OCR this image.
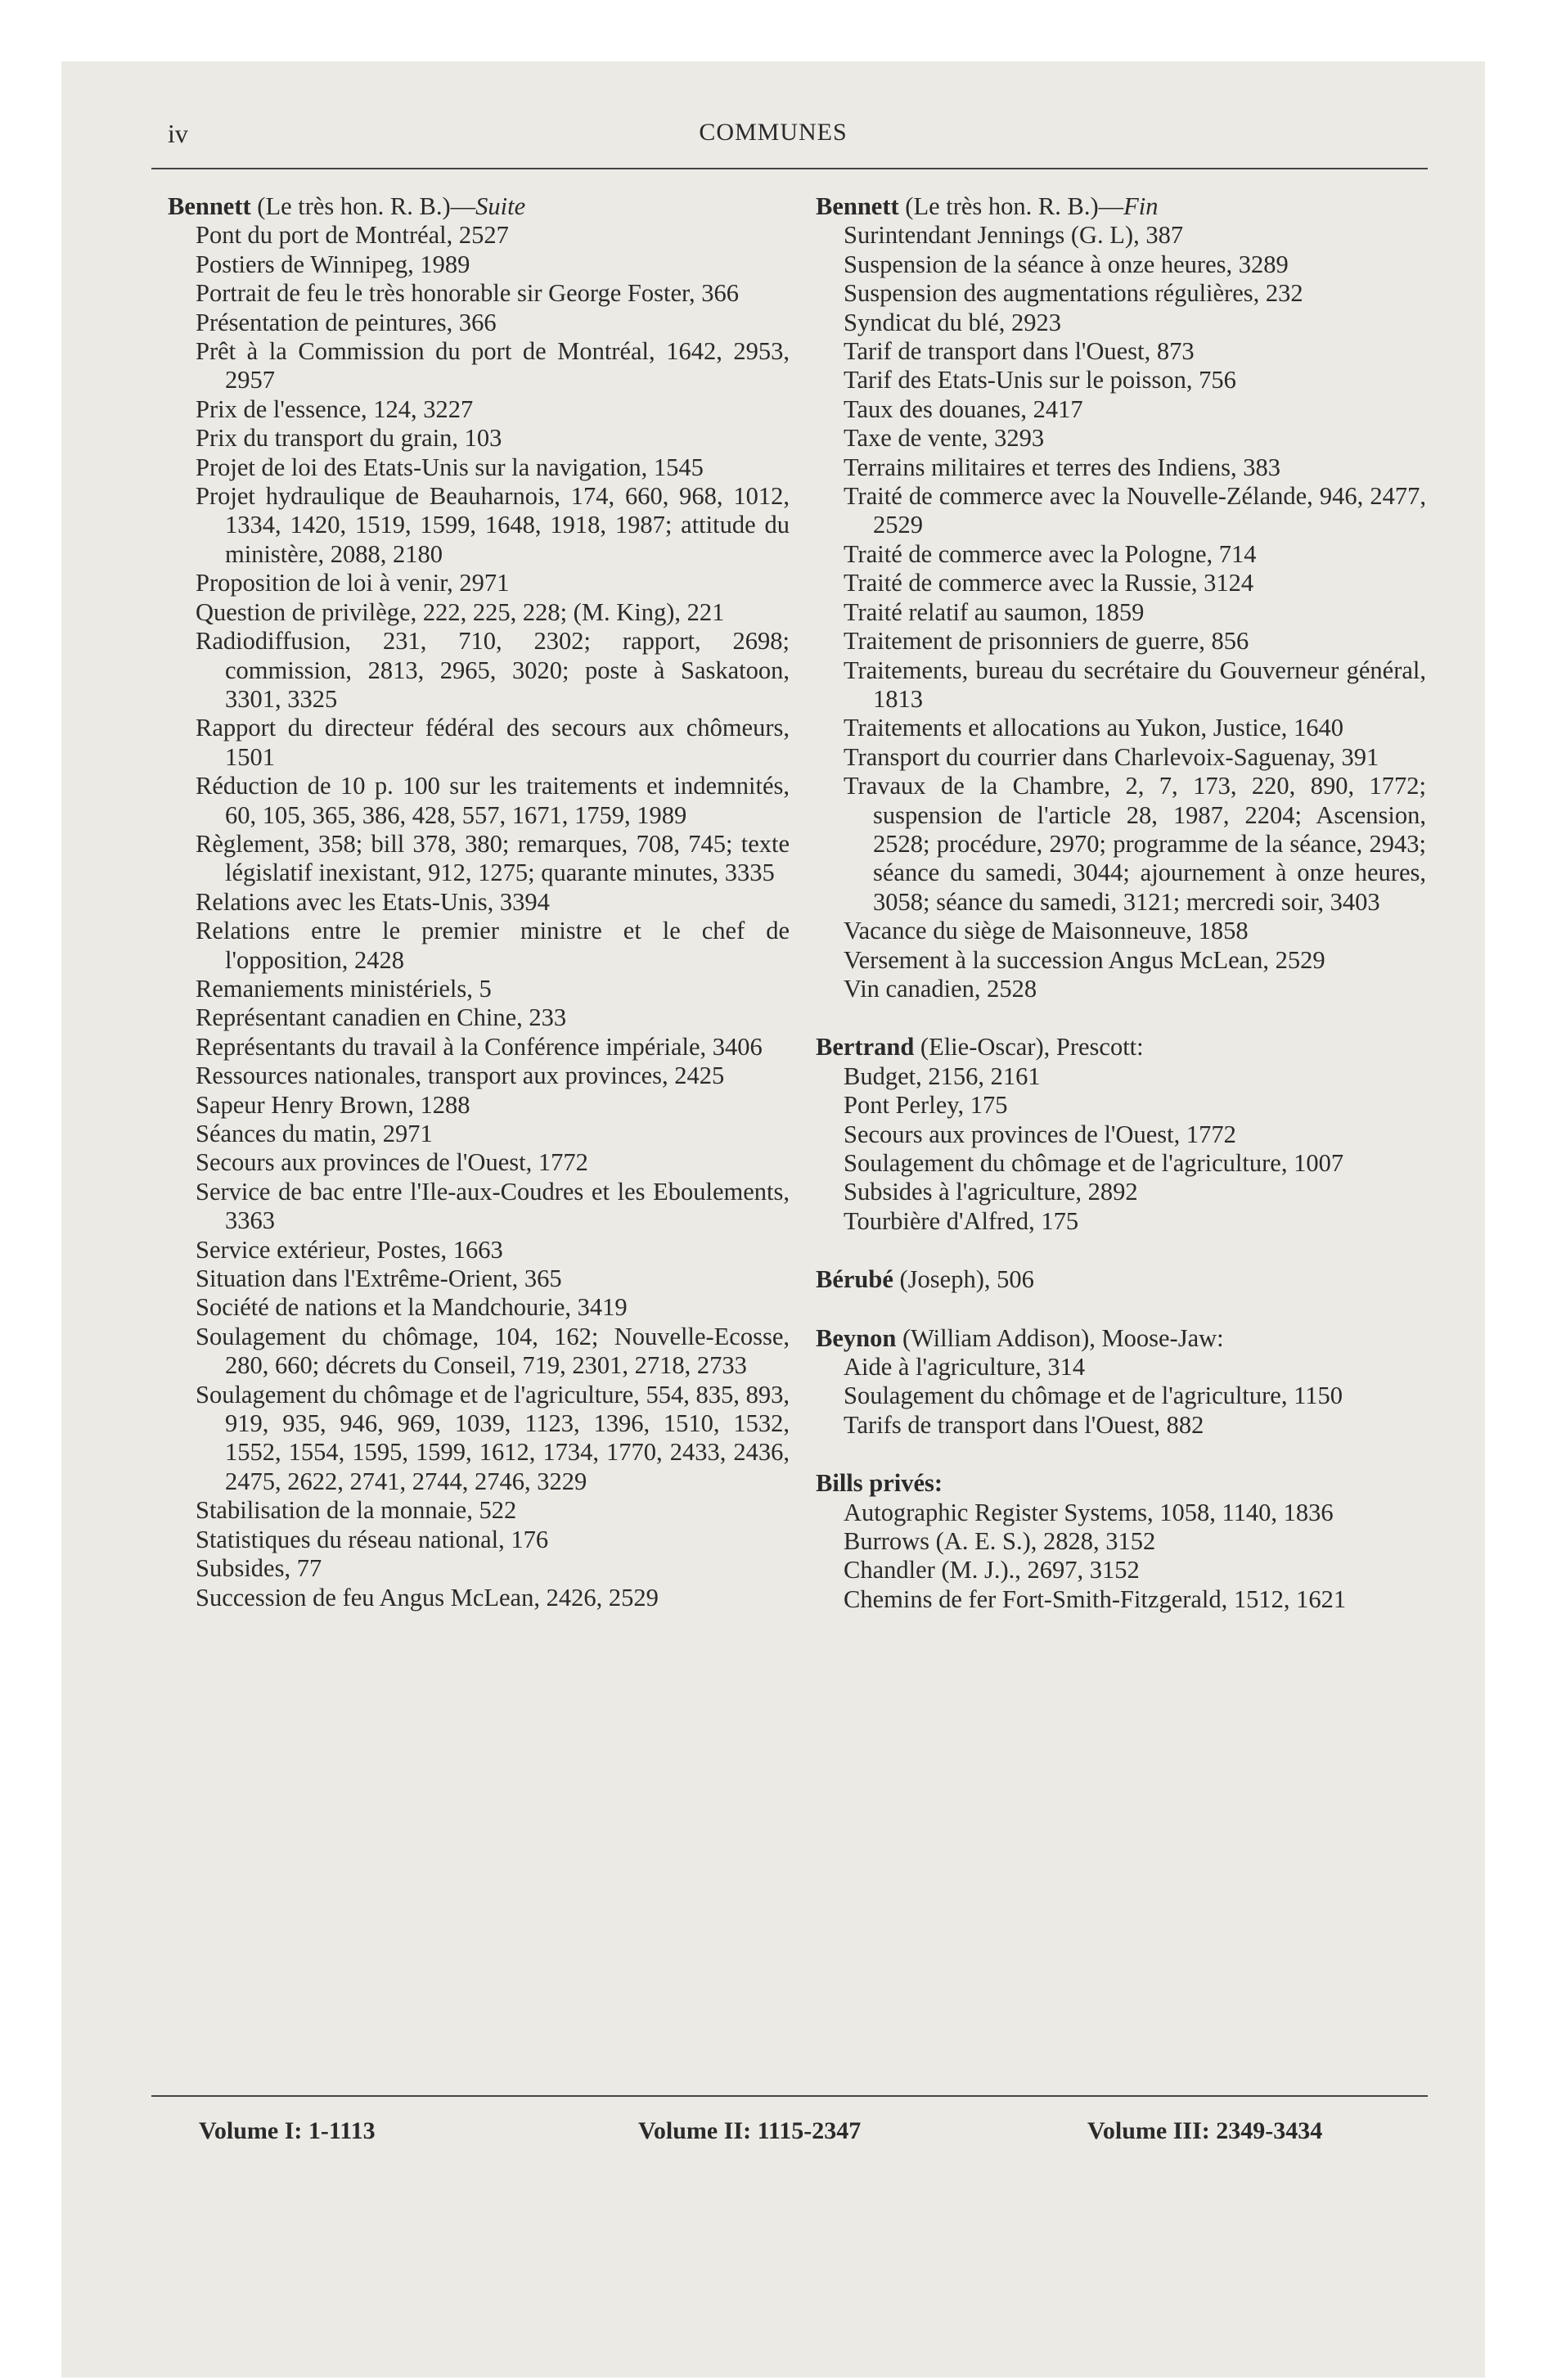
iv	COMMUNES

Bennett (Le très hon. R. B.)—Suite

Pont du port de Montréal, 2527

Postiers de Winnipeg, 1989

Portrait de feu le très honorable sir George Foster, 366

Présentation de peintures, 366

Prêt à la Commission du port de Montréal, 1642, 2953, 2957

Prix de l'essence, 124, 3227

Prix du transport du grain, 103

Projet de loi des Etats-Unis sur la navigation, 1545

Projet hydraulique de Beauharnois, 174, 660, 968, 1012, 1334, 1420, 1519, 1599, 1648, 1918, 1987; attitude du ministère, 2088, 2180

Proposition de loi à venir, 2971

Question de privilège, 222, 225, 228; (M. King), 221

Radiodiffusion, 231, 710, 2302; rapport, 2698; commission, 2813, 2965, 3020; poste à Saskatoon, 3301, 3325

Rapport du directeur fédéral des secours aux chômeurs, 1501

Réduction de 10 p. 100 sur les traitements et indemnités, 60, 105, 365, 386, 428, 557, 1671, 1759, 1989

Règlement, 358; bill 378, 380; remarques, 708, 745; texte législatif inexistant, 912, 1275; quarante minutes, 3335

Relations avec les Etats-Unis, 3394

Relations entre le premier ministre et le chef de l'opposition, 2428

Remaniements ministériels, 5

Représentant canadien en Chine, 233

Représentants du travail à la Conférence impériale, 3406

Ressources nationales, transport aux provinces, 2425

Sapeur Henry Brown, 1288

Séances du matin, 2971

Secours aux provinces de l'Ouest, 1772

Service de bac entre l'Ile-aux-Coudres et les Eboulements, 3363

Service extérieur, Postes, 1663

Situation dans l'Extrême-Orient, 365

Société de nations et la Mandchourie, 3419

Soulagement du chômage, 104, 162; Nouvelle-Ecosse, 280, 660; décrets du Conseil, 719, 2301, 2718, 2733

Soulagement du chômage et de l'agriculture, 554, 835, 893, 919, 935, 946, 969, 1039, 1123, 1396, 1510, 1532, 1552, 1554, 1595, 1599, 1612, 1734, 1770, 2433, 2436, 2475, 2622, 2741, 2744, 2746, 3229

Stabilisation de la monnaie, 522

Statistiques du réseau national, 176

Subsides, 77

Succession de feu Angus McLean, 2426, 2529

Bennett (Le très hon. R. B.)—Fin

Surintendant Jennings (G. L), 387

Suspension de la séance à onze heures, 3289

Suspension des augmentations régulières, 232

Syndicat du blé, 2923

Tarif de transport dans l'Ouest, 873

Tarif des Etats-Unis sur le poisson, 756

Taux des douanes, 2417

Taxe de vente, 3293

Terrains militaires et terres des Indiens, 383

Traité de commerce avec la Nouvelle-Zélande, 946, 2477, 2529

Traité de commerce avec la Pologne, 714

Traité de commerce avec la Russie, 3124

Traité relatif au saumon, 1859

Traitement de prisonniers de guerre, 856

Traitements, bureau du secrétaire du Gouverneur général, 1813

Traitements et allocations au Yukon, Justice, 1640

Transport du courrier dans Charlevoix-Saguenay, 391

Travaux de la Chambre, 2, 7, 173, 220, 890, 1772; suspension de l'article 28, 1987, 2204; Ascension, 2528; procédure, 2970; programme de la séance, 2943; séance du samedi, 3044; ajournement à onze heures, 3058; séance du samedi, 3121; mercredi soir, 3403

Vacance du siège de Maisonneuve, 1858

Versement à la succession Angus McLean, 2529

Vin canadien, 2528

Bertrand (Elie-Oscar), Prescott:

Budget, 2156, 2161

Pont Perley, 175

Secours aux provinces de l'Ouest, 1772

Soulagement du chômage et de l'agriculture, 1007

Subsides à l'agriculture, 2892

Tourbière d'Alfred, 175

Bérubé (Joseph), 506

Beynon (William Addison), Moose-Jaw:

Aide à l'agriculture, 314

Soulagement du chômage et de l'agriculture, 1150

Tarifs de transport dans l'Ouest, 882

Bills privés:

Autographic Register Systems, 1058, 1140, 1836

Burrows (A. E. S.), 2828, 3152

Chandler (M. J.)., 2697, 3152

Chemins de fer Fort-Smith-Fitzgerald, 1512, 1621

Volume I: 1-1113	Volume II: 1115-2347	Volume III: 2349-3434
